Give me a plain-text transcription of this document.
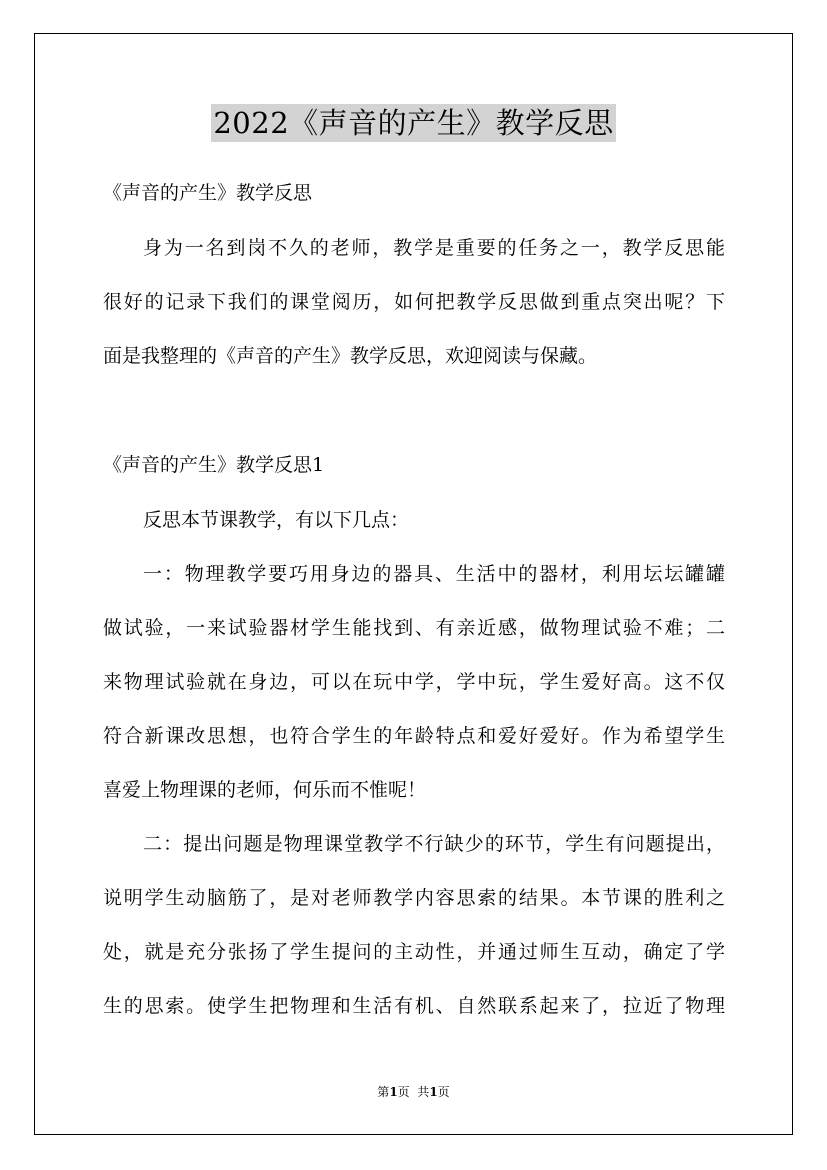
2022《声音的产生》教学反思
《声音的产生》教学反思
身为一名到岗不久的老师，教学是重要的任务之一，教学反思能
很好的记录下我们的课堂阅历，如何把教学反思做到重点突出呢？下
面是我整理的《声音的产生》教学反思，欢迎阅读与保藏。
《声音的产生》教学反思1
反思本节课教学，有以下几点：
一：物理教学要巧用身边的器具、生活中的器材，利用坛坛罐罐
做试验，一来试验器材学生能找到、有亲近感，做物理试验不难；二
来物理试验就在身边，可以在玩中学，学中玩，学生爱好高。这不仅
符合新课改思想，也符合学生的年龄特点和爱好爱好。作为希望学生
喜爱上物理课的老师，何乐而不惟呢！
二：提出问题是物理课堂教学不行缺少的环节，学生有问题提出，
说明学生动脑筋了，是对老师教学内容思索的结果。本节课的胜利之
处，就是充分张扬了学生提问的主动性，并通过师生互动，确定了学
生的思索。使学生把物理和生活有机、自然联系起来了，拉近了物理
第1页  共1页
